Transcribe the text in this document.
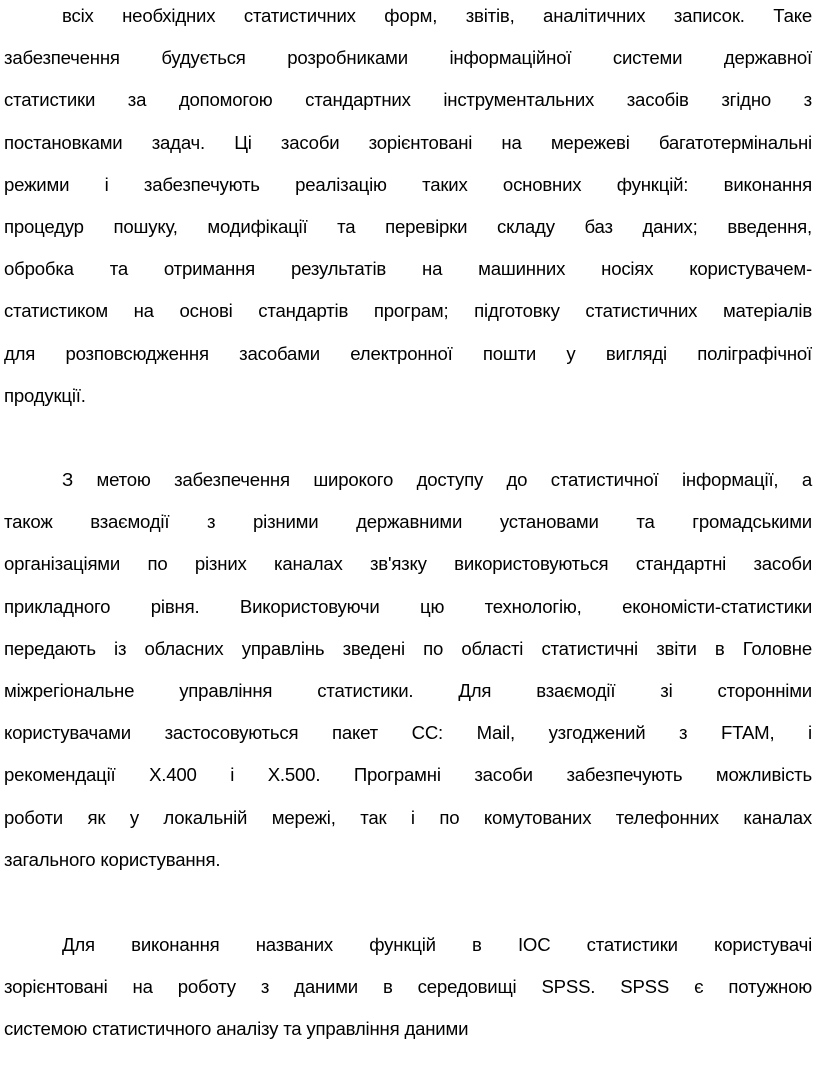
всіх необхідних статистичних форм, звітів, аналітичних записок. Таке
забезпечення будується розробниками інформаційної системи державної
статистики за допомогою стандартних інструментальних засобів згідно з
постановками задач. Ці засоби зорієнтовані на мережеві багатотермінальні
режими і забезпечують реалізацію таких основних функцій: виконання
процедур пошуку, модифікації та перевірки складу баз даних; введення,
обробка та отримання результатів на машинних носіях користувачем-
статистиком на основі стандартів програм; підготовку статистичних матеріалів
для розповсюдження засобами електронної пошти у вигляді поліграфічної
продукції.
З метою забезпечення широкого доступу до статистичної інформації, а
також взаємодії з різними державними установами та громадськими
організаціями по різних каналах зв'язку використовуються стандартні засоби
прикладного рівня. Використовуючи цю технологію, економісти-статистики
передають із обласних управлінь зведені по області статистичні звіти в Головне
міжрегіональне управління статистики. Для взаємодії зі сторонніми
користувачами застосовуються пакет СС: Mail, узгоджений з FTAM, і
рекомендації Х.400 і Х.500. Програмні засоби забезпечують можливість
роботи як у локальній мережі, так і по комутованих телефонних каналах
загального користування.
Для виконання названих функцій в ІОС статистики користувачі
зорієнтовані на роботу з даними в середовищі SPSS. SPSS є потужною
системою статистичного аналізу та управління даними
